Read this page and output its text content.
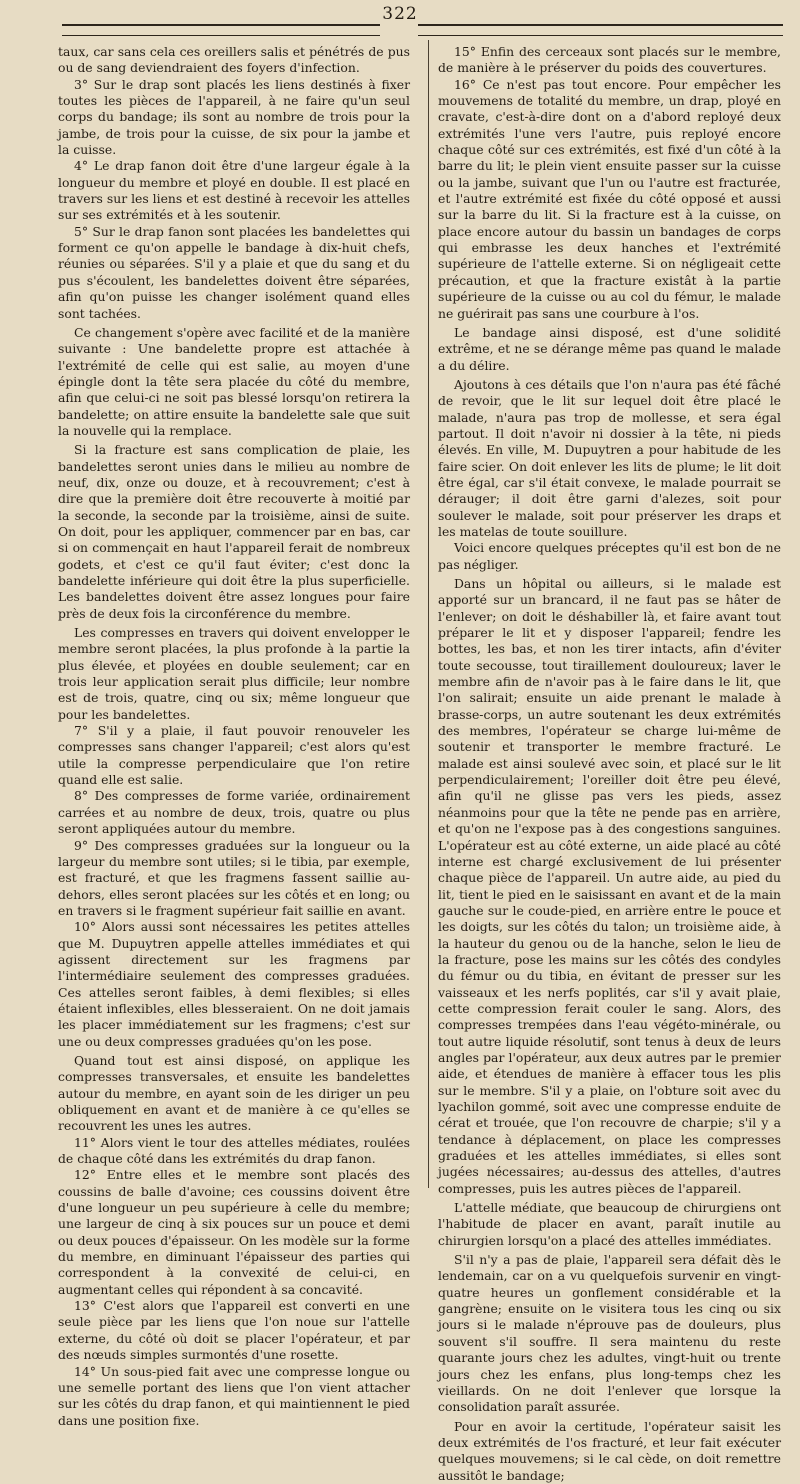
322

taux, car sans cela ces oreillers salis et pénétrés de pus ou de sang deviendraient des foyers d'infection.

3° Sur le drap sont placés les liens destinés à fixer toutes les pièces de l'appareil, à ne faire qu'un seul corps du bandage; ils sont au nombre de trois pour la jambe, de trois pour la cuisse, de six pour la jambe et la cuisse.

4° Le drap fanon doit être d'une largeur égale à la longueur du membre et ployé en double. Il est placé en travers sur les liens et est destiné à recevoir les attelles sur ses extrémités et à les soutenir.

5° Sur le drap fanon sont placées les bandelettes qui forment ce qu'on appelle le bandage à dix-huit chefs, réunies ou séparées. S'il y a plaie et que du sang et du pus s'écoulent, les bandelettes doivent être séparées, afin qu'on puisse les changer isolément quand elles sont tachées.

Ce changement s'opère avec facilité et de la manière suivante : Une bandelette propre est attachée à l'extrémité de celle qui est salie, au moyen d'une épingle dont la tête sera placée du côté du membre, afin que celui-ci ne soit pas blessé lorsqu'on retirera la bandelette; on attire ensuite la bandelette sale que suit la nouvelle qui la remplace.

Si la fracture est sans complication de plaie, les bandelettes seront unies dans le milieu au nombre de neuf, dix, onze ou douze, et à recouvrement; c'est à dire que la première doit être recouverte à moitié par la seconde, la seconde par la troisième, ainsi de suite. On doit, pour les appliquer, commencer par en bas, car si on commençait en haut l'appareil ferait de nombreux godets, et c'est ce qu'il faut éviter; c'est donc la bandelette inférieure qui doit être la plus superficielle. Les bandelettes doivent être assez longues pour faire près de deux fois la circonférence du membre.

Les compresses en travers qui doivent envelopper le membre seront placées, la plus profonde à la partie la plus élevée, et ployées en double seulement; car en trois leur application serait plus difficile; leur nombre est de trois, quatre, cinq ou six; même longueur que pour les bandelettes.

7° S'il y a plaie, il faut pouvoir renouveler les compresses sans changer l'appareil; c'est alors qu'est utile la compresse perpendiculaire que l'on retire quand elle est salie.

8° Des compresses de forme variée, ordinairement carrées et au nombre de deux, trois, quatre ou plus seront appliquées autour du membre.

9° Des compresses graduées sur la longueur ou la largeur du membre sont utiles; si le tibia, par exemple, est fracturé, et que les fragmens fassent saillie au-dehors, elles seront placées sur les côtés et en long; ou en travers si le fragment supérieur fait saillie en avant.

10° Alors aussi sont nécessaires les petites attelles que M. Dupuytren appelle attelles immédiates et qui agissent directement sur les fragmens par l'intermédiaire seulement des compresses graduées. Ces attelles seront faibles, à demi flexibles; si elles étaient inflexibles, elles blesseraient. On ne doit jamais les placer immédiatement sur les fragmens; c'est sur une ou deux compresses graduées qu'on les pose.

Quand tout est ainsi disposé, on applique les compresses transversales, et ensuite les bandelettes autour du membre, en ayant soin de les diriger un peu obliquement en avant et de manière à ce qu'elles se recouvrent les unes les autres.

11° Alors vient le tour des attelles médiates, roulées de chaque côté dans les extrémités du drap fanon.

12° Entre elles et le membre sont placés des coussins de balle d'avoine; ces coussins doivent être d'une longueur un peu supérieure à celle du membre; une largeur de cinq à six pouces sur un pouce et demi ou deux pouces d'épaisseur. On les modèle sur la forme du membre, en diminuant l'épaisseur des parties qui correspondent à la convexité de celui-ci, en augmentant celles qui répondent à sa concavité.

13° C'est alors que l'appareil est converti en une seule pièce par les liens que l'on noue sur l'attelle externe, du côté où doit se placer l'opérateur, et par des nœuds simples surmontés d'une rosette.

14° Un sous-pied fait avec une compresse longue ou une semelle portant des liens que l'on vient attacher sur les côtés du drap fanon, et qui maintiennent le pied dans une position fixe.

15° Enfin des cerceaux sont placés sur le membre, de manière à le préserver du poids des couvertures.

16° Ce n'est pas tout encore. Pour empêcher les mouvemens de totalité du membre, un drap, ployé en cravate, c'est-à-dire dont on a d'abord reployé deux extrémités l'une vers l'autre, puis reployé encore chaque côté sur ces extrémités, est fixé d'un côté à la barre du lit; le plein vient ensuite passer sur la cuisse ou la jambe, suivant que l'un ou l'autre est fracturée, et l'autre extrémité est fixée du côté opposé et aussi sur la barre du lit. Si la fracture est à la cuisse, on place encore autour du bassin un bandages de corps qui embrasse les deux hanches et l'extrémité supérieure de l'attelle externe. Si on négligeait cette précaution, et que la fracture existât à la partie supérieure de la cuisse ou au col du fémur, le malade ne guérirait pas sans une courbure à l'os.

Le bandage ainsi disposé, est d'une solidité extrême, et ne se dérange même pas quand le malade a du délire.

Ajoutons à ces détails que l'on n'aura pas été fâché de revoir, que le lit sur lequel doit être placé le malade, n'aura pas trop de mollesse, et sera égal partout. Il doit n'avoir ni dossier à la tête, ni pieds élevés. En ville, M. Dupuytren a pour habitude de les faire scier. On doit enlever les lits de plume; le lit doit être égal, car s'il était convexe, le malade pourrait se dérauger; il doit être garni d'alezes, soit pour soulever le malade, soit pour préserver les draps et les matelas de toute souillure.

Voici encore quelques préceptes qu'il est bon de ne pas négliger.

Dans un hôpital ou ailleurs, si le malade est apporté sur un brancard, il ne faut pas se hâter de l'enlever; on doit le déshabiller là, et faire avant tout préparer le lit et y disposer l'appareil; fendre les bottes, les bas, et non les tirer intacts, afin d'éviter toute secousse, tout tiraillement douloureux; laver le membre afin de n'avoir pas à le faire dans le lit, que l'on salirait; ensuite un aide prenant le malade à brasse-corps, un autre soutenant les deux extrémités des membres, l'opérateur se charge lui-même de soutenir et transporter le membre fracturé. Le malade est ainsi soulevé avec soin, et placé sur le lit perpendiculairement; l'oreiller doit être peu élevé, afin qu'il ne glisse pas vers les pieds, assez néanmoins pour que la tête ne pende pas en arrière, et qu'on ne l'expose pas à des congestions sanguines. L'opérateur est au côté externe, un aide placé au côté interne est chargé exclusivement de lui présenter chaque pièce de l'appareil. Un autre aide, au pied du lit, tient le pied en le saisissant en avant et de la main gauche sur le coude-pied, en arrière entre le pouce et les doigts, sur les côtés du talon; un troisième aide, à la hauteur du genou ou de la hanche, selon le lieu de la fracture, pose les mains sur les côtés des condyles du fémur ou du tibia, en évitant de presser sur les vaisseaux et les nerfs poplités, car s'il y avait plaie, cette compression ferait couler le sang. Alors, des compresses trempées dans l'eau végéto-minérale, ou tout autre liquide résolutif, sont tenus à deux de leurs angles par l'opérateur, aux deux autres par le premier aide, et étendues de manière à effacer tous les plis sur le membre. S'il y a plaie, on l'obture soit avec du lyachilon gommé, soit avec une compresse enduite de cérat et trouée, que l'on recouvre de charpie; s'il y a tendance à déplacement, on place les compresses graduées et les attelles immédiates, si elles sont jugées nécessaires; au-dessus des attelles, d'autres compresses, puis les autres pièces de l'appareil.

L'attelle médiate, que beaucoup de chirurgiens ont l'habitude de placer en avant, paraît inutile au chirurgien lorsqu'on a placé des attelles immédiates.

S'il n'y a pas de plaie, l'appareil sera défait dès le lendemain, car on a vu quelquefois survenir en vingt-quatre heures un gonflement considérable et la gangrène; ensuite on le visitera tous les cinq ou six jours si le malade n'éprouve pas de douleurs, plus souvent s'il souffre. Il sera maintenu du reste quarante jours chez les adultes, vingt-huit ou trente jours chez les enfans, plus long-temps chez les vieillards. On ne doit l'enlever que lorsque la consolidation paraît assurée.

Pour en avoir la certitude, l'opérateur saisit les deux extrémités de l'os fracturé, et leur fait exécuter quelques mouvemens; si le cal cède, on doit remettre aussitôt le bandage;
